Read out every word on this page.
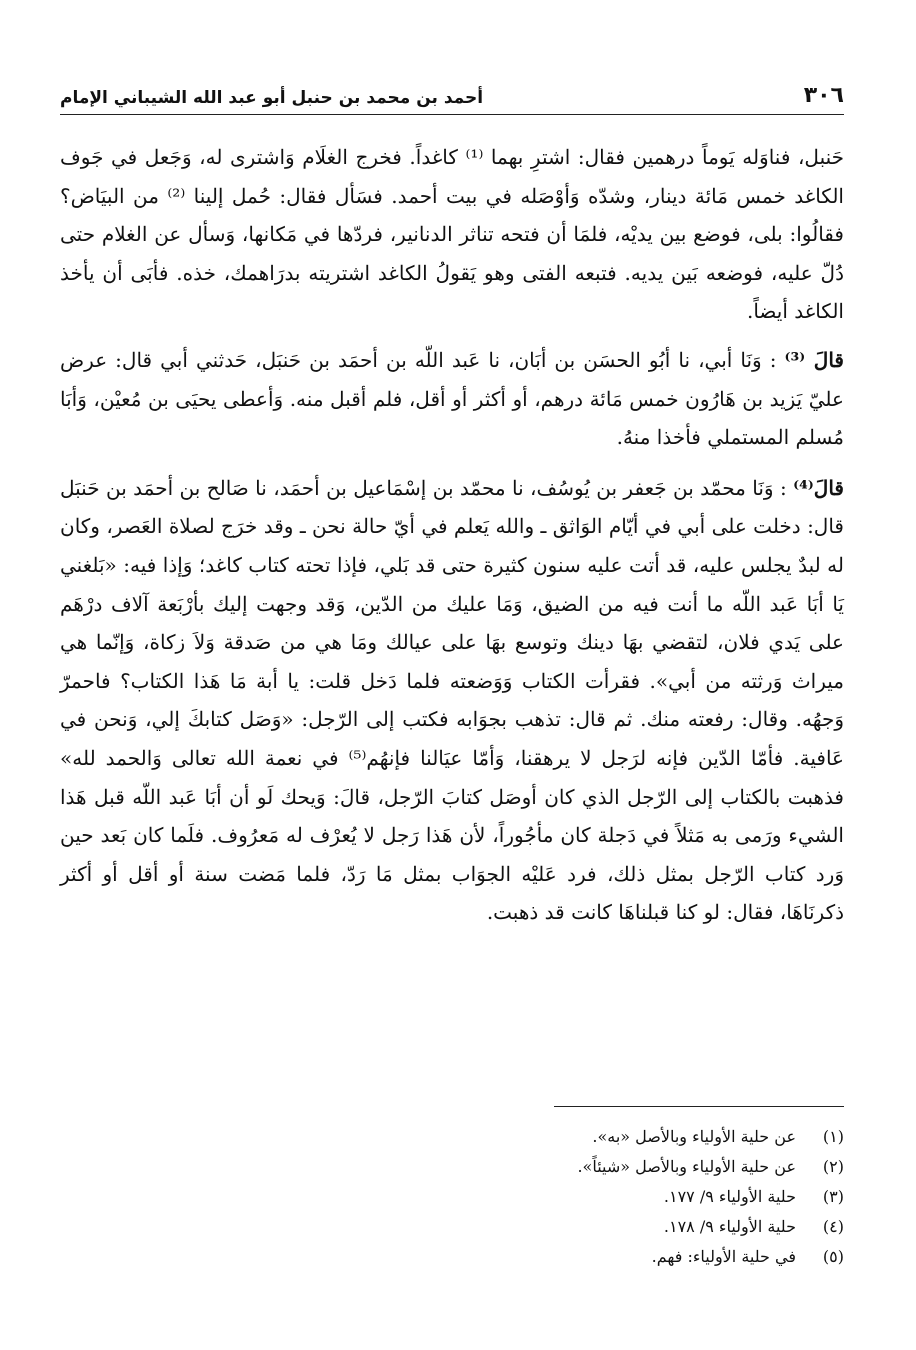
٣٠٦
أحمد بن محمد بن حنبل أبو عبد الله الشيباني الإمام

حَنبل، فناوَله يَوماً درهمين فقال: اشترِ بهما ⁽¹⁾ كاغداً. فخرج الغلَام وَاشترى له، وَجَعل في جَوف الكاغد خمس مَائة دينار، وشدّه وَأوْصَله في بيت أحمد. فسَأل فقال: حُمل إلينا ⁽²⁾ من البيَاض؟ فقالُوا: بلى، فوضع بين يديْه، فلمَا أن فتحه تناثر الدنانير، فردّها في مَكانها، وَسأل عن الغلام حتى دُلّ عليه، فوضعه بَين يديه. فتبعه الفتى وهو يَقولُ الكاغد اشتريته بدرَاهمك، خذه. فأبَى أن يأخذ الكاغد أيضاً.

قالَ ⁽³⁾ : وَنَا أبي، نا أبُو الحسَن بن أبَان، نا عَبد اللّه بن أحمَد بن حَنبَل، حَدثني أبي قال: عرض عليّ يَزيد بن هَارُون خمس مَائة درهم، أو أكثر أو أقل، فلم أقبل منه. وَأعطى يحيَى بن مُعيْن، وَأبَا مُسلم المستملي فأخذا منهُ.

قالَ⁽⁴⁾ : وَنَا محمّد بن جَعفر بن يُوسُف، نا محمّد بن إسْمَاعيل بن أحمَد، نا صَالح بن أحمَد بن حَنبَل قال: دخلت على أبي في أيّام الوَاثق ـ والله يَعلم في أيّ حالة نحن ـ وقد خرَج لصلاة العَصر، وكان له لبدٌ يجلس عليه، قد أتت عليه سنون كثيرة حتى قد بَلي، فإذا تحته كتاب كاغد؛ وَإذا فيه: «بَلغني يَا أبَا عَبد اللّه ما أنت فيه من الضيق، وَمَا عليك من الدّين، وَقد وجهت إليك بأرْبَعة آلاف درْهَم على يَدي فلان، لتقضي بهَا دينك وتوسع بهَا على عيالك ومَا هي من صَدقة وَلاَ زكاة، وَإنّما هي ميراث وَرثته من أبي». فقرأت الكتاب وَوَضعته فلما دَخل قلت: يا أبة مَا هَذا الكتاب؟ فاحمرّ وَجهُه. وقال: رفعته منك. ثم قال: تذهب بجوَابه فكتب إلى الرّجل: «وَصَل كتابكَ إلي، وَنحن في عَافية. فأمّا الدّين فإنه لرَجل لا يرهقنا، وَأمّا عيَالنا فإنهُم⁽⁵⁾ في نعمة الله تعالى وَالحمد لله» فذهبت بالكتاب إلى الرّجل الذي كان أوصَل كتابَ الرّجل، قالَ: وَيحك لَو أن أبَا عَبد اللّه قبل هَذا الشيء ورَمى به مَثلاً في دَجلة كان مأجُوراً، لأن هَذا رَجل لا يُعرْف له مَعرُوف. فلَما كان بَعد حين وَرد كتاب الرّجل بمثل ذلك، فرد عَليْه الجوَاب بمثل مَا رَدّ، فلما مَضت سنة أو أقل أو أكثر ذكرنَاهَا، فقال: لو كنا قبلناهَا كانت قد ذهبت.

(١)
عن حلية الأولياء وبالأصل «به».
(٢)
عن حلية الأولياء وبالأصل «شيئاً».
(٣)
حلية الأولياء ٩/ ١٧٧.
(٤)
حلية الأولياء ٩/ ١٧٨.
(٥)
في حلية الأولياء: فهم.
